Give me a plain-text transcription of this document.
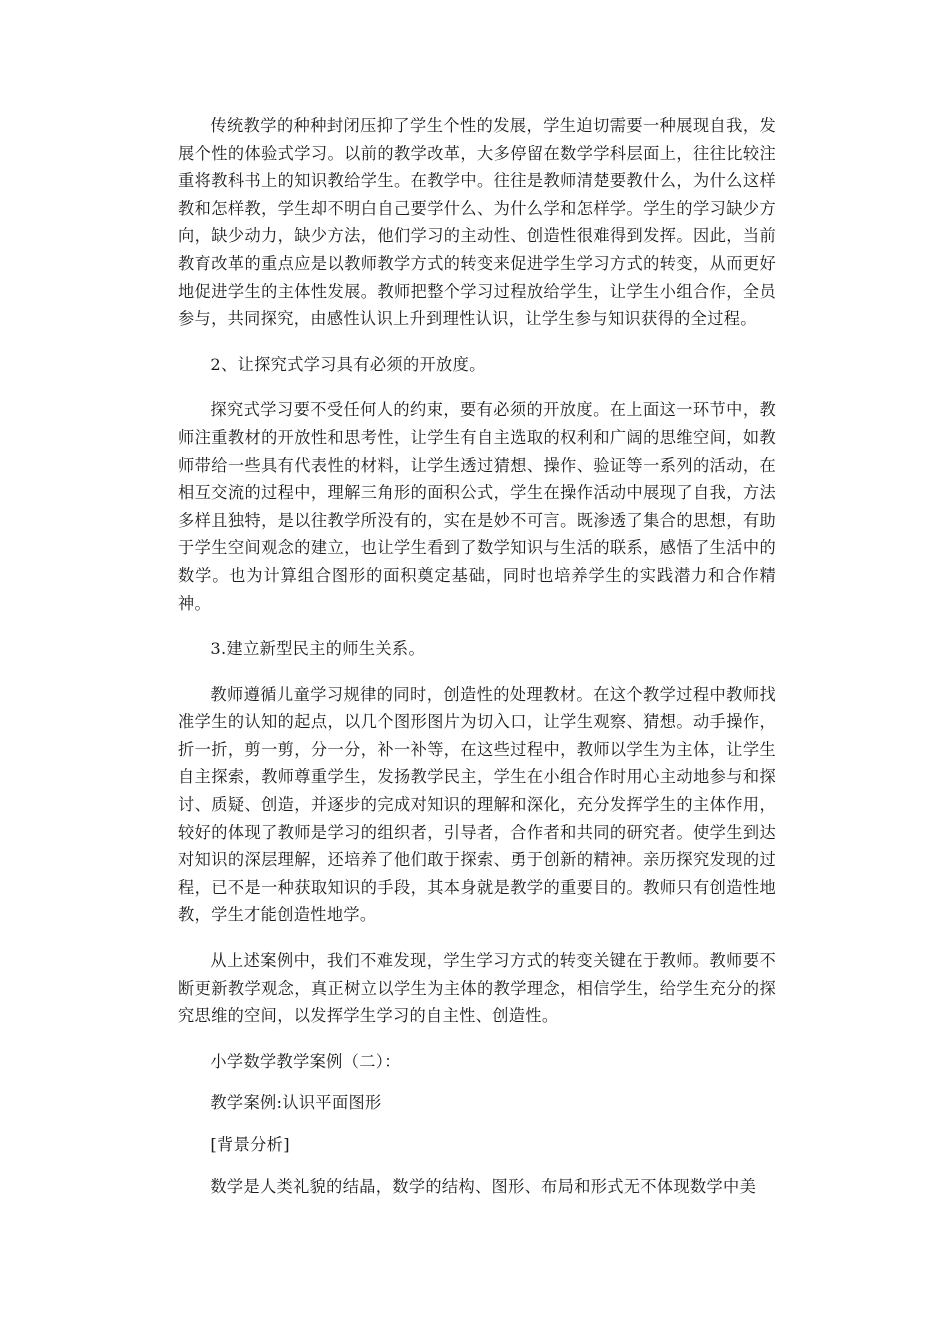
传统教学的种种封闭压抑了学生个性的发展，学生迫切需要一种展现自我，发展个性的体验式学习。以前的教学改革，大多停留在数学学科层面上，往往比较注重将教科书上的知识教给学生。在教学中。往往是教师清楚要教什么，为什么这样教和怎样教，学生却不明白自己要学什么、为什么学和怎样学。学生的学习缺少方向，缺少动力，缺少方法，他们学习的主动性、创造性很难得到发挥。因此，当前教育改革的重点应是以教师教学方式的转变来促进学生学习方式的转变，从而更好地促进学生的主体性发展。教师把整个学习过程放给学生，让学生小组合作，全员参与，共同探究，由感性认识上升到理性认识，让学生参与知识获得的全过程。

2、让探究式学习具有必须的开放度。

探究式学习要不受任何人的约束，要有必须的开放度。在上面这一环节中，教师注重教材的开放性和思考性，让学生有自主选取的权利和广阔的思维空间，如教师带给一些具有代表性的材料，让学生透过猜想、操作、验证等一系列的活动，在相互交流的过程中，理解三角形的面积公式，学生在操作活动中展现了自我，方法多样且独特，是以往教学所没有的，实在是妙不可言。既渗透了集合的思想，有助于学生空间观念的建立，也让学生看到了数学知识与生活的联系，感悟了生活中的数学。也为计算组合图形的面积奠定基础，同时也培养学生的实践潜力和合作精神。

3.建立新型民主的师生关系。

教师遵循儿童学习规律的同时，创造性的处理教材。在这个教学过程中教师找准学生的认知的起点，以几个图形图片为切入口，让学生观察、猜想。动手操作，折一折，剪一剪，分一分，补一补等，在这些过程中，教师以学生为主体，让学生自主探索，教师尊重学生，发扬教学民主，学生在小组合作时用心主动地参与和探讨、质疑、创造，并逐步的完成对知识的理解和深化，充分发挥学生的主体作用，较好的体现了教师是学习的组织者，引导者，合作者和共同的研究者。使学生到达对知识的深层理解，还培养了他们敢于探索、勇于创新的精神。亲历探究发现的过程，已不是一种获取知识的手段，其本身就是教学的重要目的。教师只有创造性地教，学生才能创造性地学。

从上述案例中，我们不难发现，学生学习方式的转变关键在于教师。教师要不断更新教学观念，真正树立以学生为主体的教学理念，相信学生，给学生充分的探究思维的空间，以发挥学生学习的自主性、创造性。

小学数学教学案例（二）：

教学案例:认识平面图形

[背景分析]

数学是人类礼貌的结晶，数学的结构、图形、布局和形式无不体现数学中美
